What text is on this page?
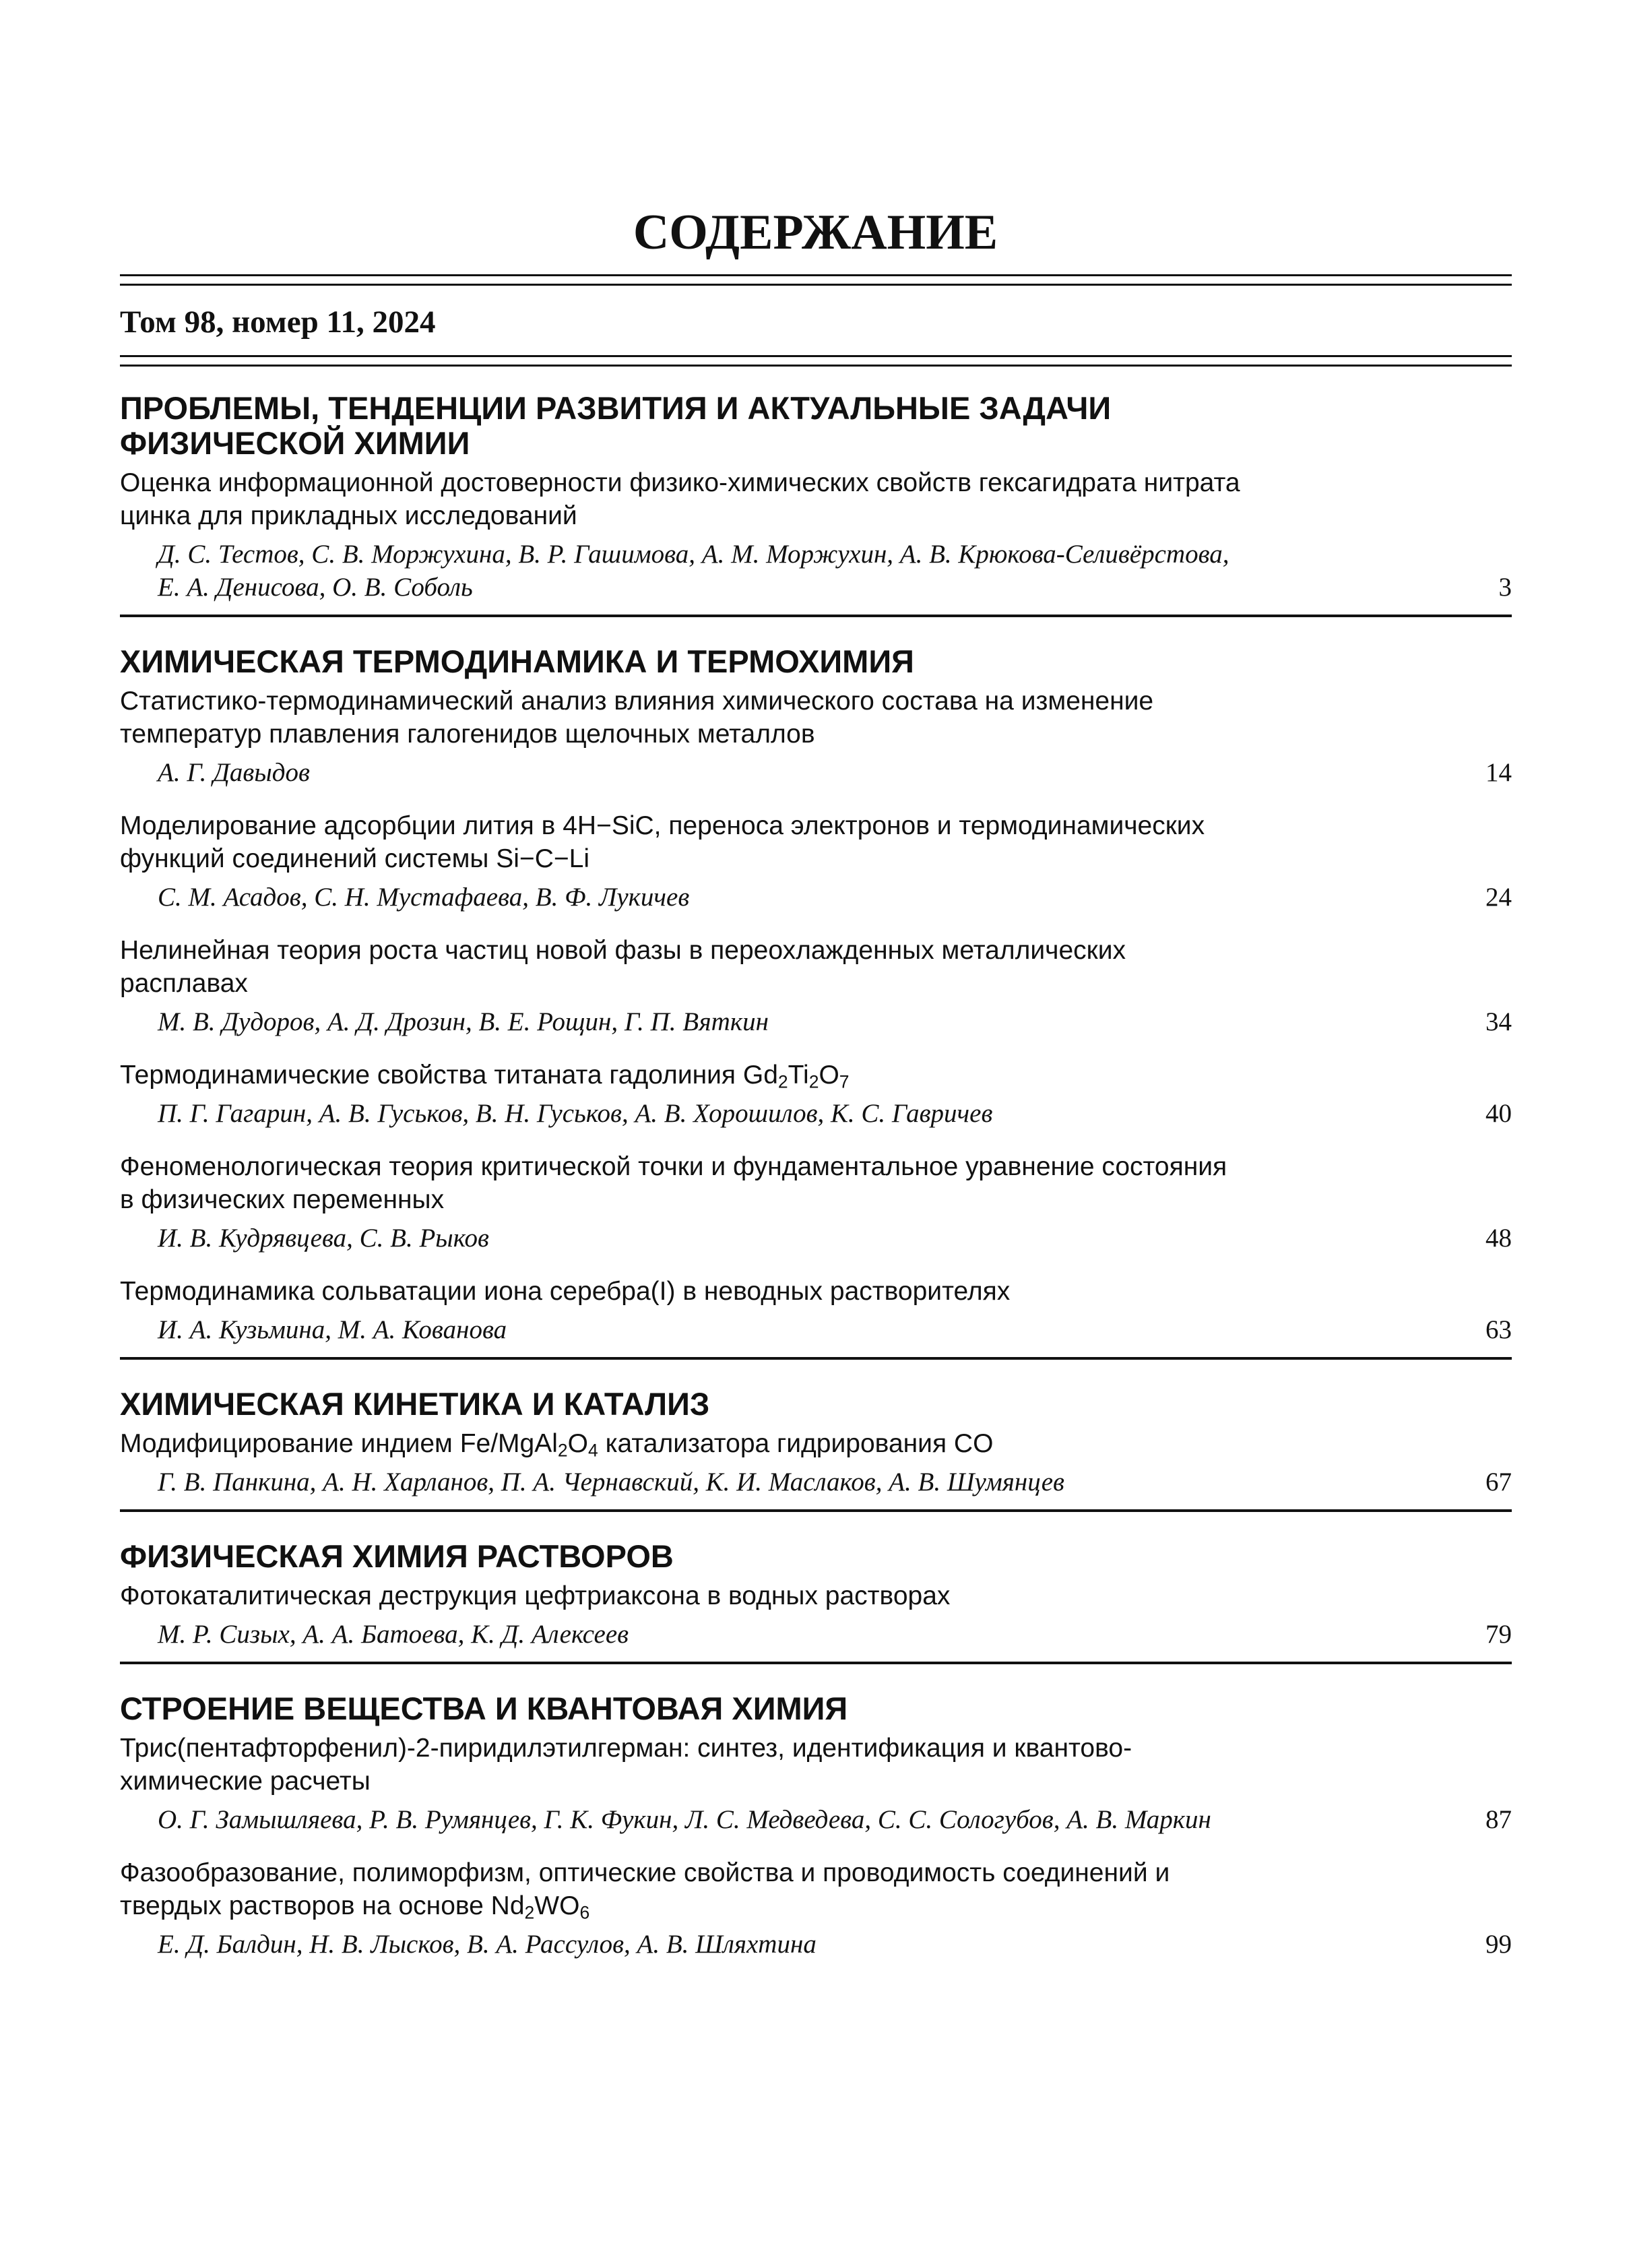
СОДЕРЖАНИЕ
Том 98, номер 11, 2024
ПРОБЛЕМЫ, ТЕНДЕНЦИИ РАЗВИТИЯ И АКТУАЛЬНЫЕ ЗАДАЧИ ФИЗИЧЕСКОЙ ХИМИИ
Оценка информационной достоверности физико-химических свойств гексагидрата нитрата цинка для прикладных исследований
Д. С. Тестов, С. В. Моржухина, В. Р. Гашимова, А. М. Моржухин, А. В. Крюкова-Селивёрстова, Е. А. Денисова, О. В. Соболь	3
ХИМИЧЕСКАЯ ТЕРМОДИНАМИКА И ТЕРМОХИМИЯ
Статистико-термодинамический анализ влияния химического состава на изменение температур плавления галогенидов щелочных металлов
А. Г. Давыдов	14
Моделирование адсорбции лития в 4H−SiC, переноса электронов и термодинамических функций соединений системы Si−C−Li
С. М. Асадов, С. Н. Мустафаева, В. Ф. Лукичев	24
Нелинейная теория роста частиц новой фазы в переохлажденных металлических расплавах
М. В. Дудоров, А. Д. Дрозин, В. Е. Рощин, Г. П. Вяткин	34
Термодинамические свойства титаната гадолиния $Gd_2Ti_2O_7$
П. Г. Гагарин, А. В. Гуськов, В. Н. Гуськов, А. В. Хорошилов, К. С. Гавричев	40
Феноменологическая теория критической точки и фундаментальное уравнение состояния в физических переменных
И. В. Кудрявцева, С. В. Рыков	48
Термодинамика сольватации иона серебра(I) в неводных растворителях
И. А. Кузьмина, М. А. Кованова	63
ХИМИЧЕСКАЯ КИНЕТИКА И КАТАЛИЗ
Модифицирование индием $Fe/MgAl_2O_4$ катализатора гидрирования CO
Г. В. Панкина, А. Н. Харланов, П. А. Чернавский, К. И. Маслаков, А. В. Шумянцев	67
ФИЗИЧЕСКАЯ ХИМИЯ РАСТВОРОВ
Фотокаталитическая деструкция цефтриаксона в водных растворах
М. Р. Сизых, А. А. Батоева, К. Д. Алексеев	79
СТРОЕНИЕ ВЕЩЕСТВА И КВАНТОВАЯ ХИМИЯ
Трис(пентафторфенил)-2-пиридилэтилгерман: синтез, идентификация и квантово-химические расчеты
О. Г. Замышляева, Р. В. Румянцев, Г. К. Фукин, Л. С. Медведева, С. С. Сологубов, А. В. Маркин	87
Фазообразование, полиморфизм, оптические свойства и проводимость соединений и твердых растворов на основе $Nd_2WO_6$
Е. Д. Балдин, Н. В. Лысков, В. А. Рассулов, А. В. Шляхтина	99
